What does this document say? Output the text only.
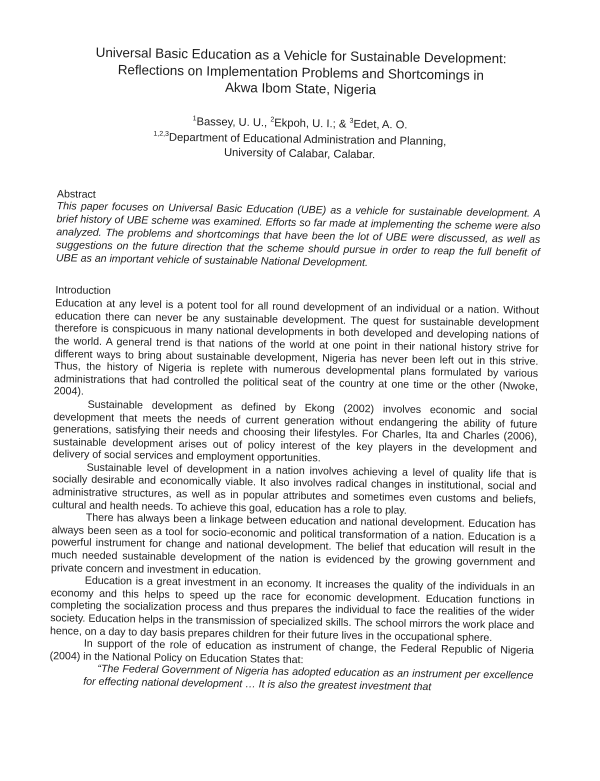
Universal Basic Education as a Vehicle for Sustainable Development:
Reflections on Implementation Problems and Shortcomings in
Akwa Ibom State, Nigeria
$^1$Bassey, U. U., $^2$Ekpoh, U. I.; & $^3$Edet, A. O.
$^{1,2,3}$Department of Educational Administration and Planning,
University of Calabar, Calabar.
Abstract
This paper focuses on Universal Basic Education (UBE) as a vehicle for sustainable development. A brief history of UBE scheme was examined. Efforts so far made at implementing the scheme were also analyzed. The problems and shortcomings that have been the lot of UBE were discussed, as well as suggestions on the future direction that the scheme should pursue in order to reap the full benefit of UBE as an important vehicle of sustainable National Development.
Introduction

Education at any level is a potent tool for all round development of an individual or a nation. Without education there can never be any sustainable development. The quest for sustainable development therefore is conspicuous in many national developments in both developed and developing nations of the world. A general trend is that nations of the world at one point in their national history strive for different ways to bring about sustainable development, Nigeria has never been left out in this strive. Thus, the history of Nigeria is replete with numerous developmental plans formulated by various administrations that had controlled the political seat of the country at one time or the other (Nwoke, 2004).

Sustainable development as defined by Ekong (2002) involves economic and social development that meets the needs of current generation without endangering the ability of future generations, satisfying their needs and choosing their lifestyles. For Charles, Ita and Charles (2006), sustainable development arises out of policy interest of the key players in the development and delivery of social services and employment opportunities.

Sustainable level of development in a nation involves achieving a level of quality life that is socially desirable and economically viable. It also involves radical changes in institutional, social and administrative structures, as well as in popular attributes and sometimes even customs and beliefs, cultural and health needs. To achieve this goal, education has a role to play.

There has always been a linkage between education and national development. Education has always been seen as a tool for socio-economic and political transformation of a nation. Education is a powerful instrument for change and national development. The belief that education will result in the much needed sustainable development of the nation is evidenced by the growing government and private concern and investment in education.

Education is a great investment in an economy. It increases the quality of the individuals in an economy and this helps to speed up the race for economic development. Education functions in completing the socialization process and thus prepares the individual to face the realities of the wider society. Education helps in the transmission of specialized skills. The school mirrors the work place and hence, on a day to day basis prepares children for their future lives in the occupational sphere.

In support of the role of education as instrument of change, the Federal Republic of Nigeria (2004) in the National Policy on Education States that:

“The Federal Government of Nigeria has adopted education as an instrument per excellence for effecting national development … It is also the greatest investment that
